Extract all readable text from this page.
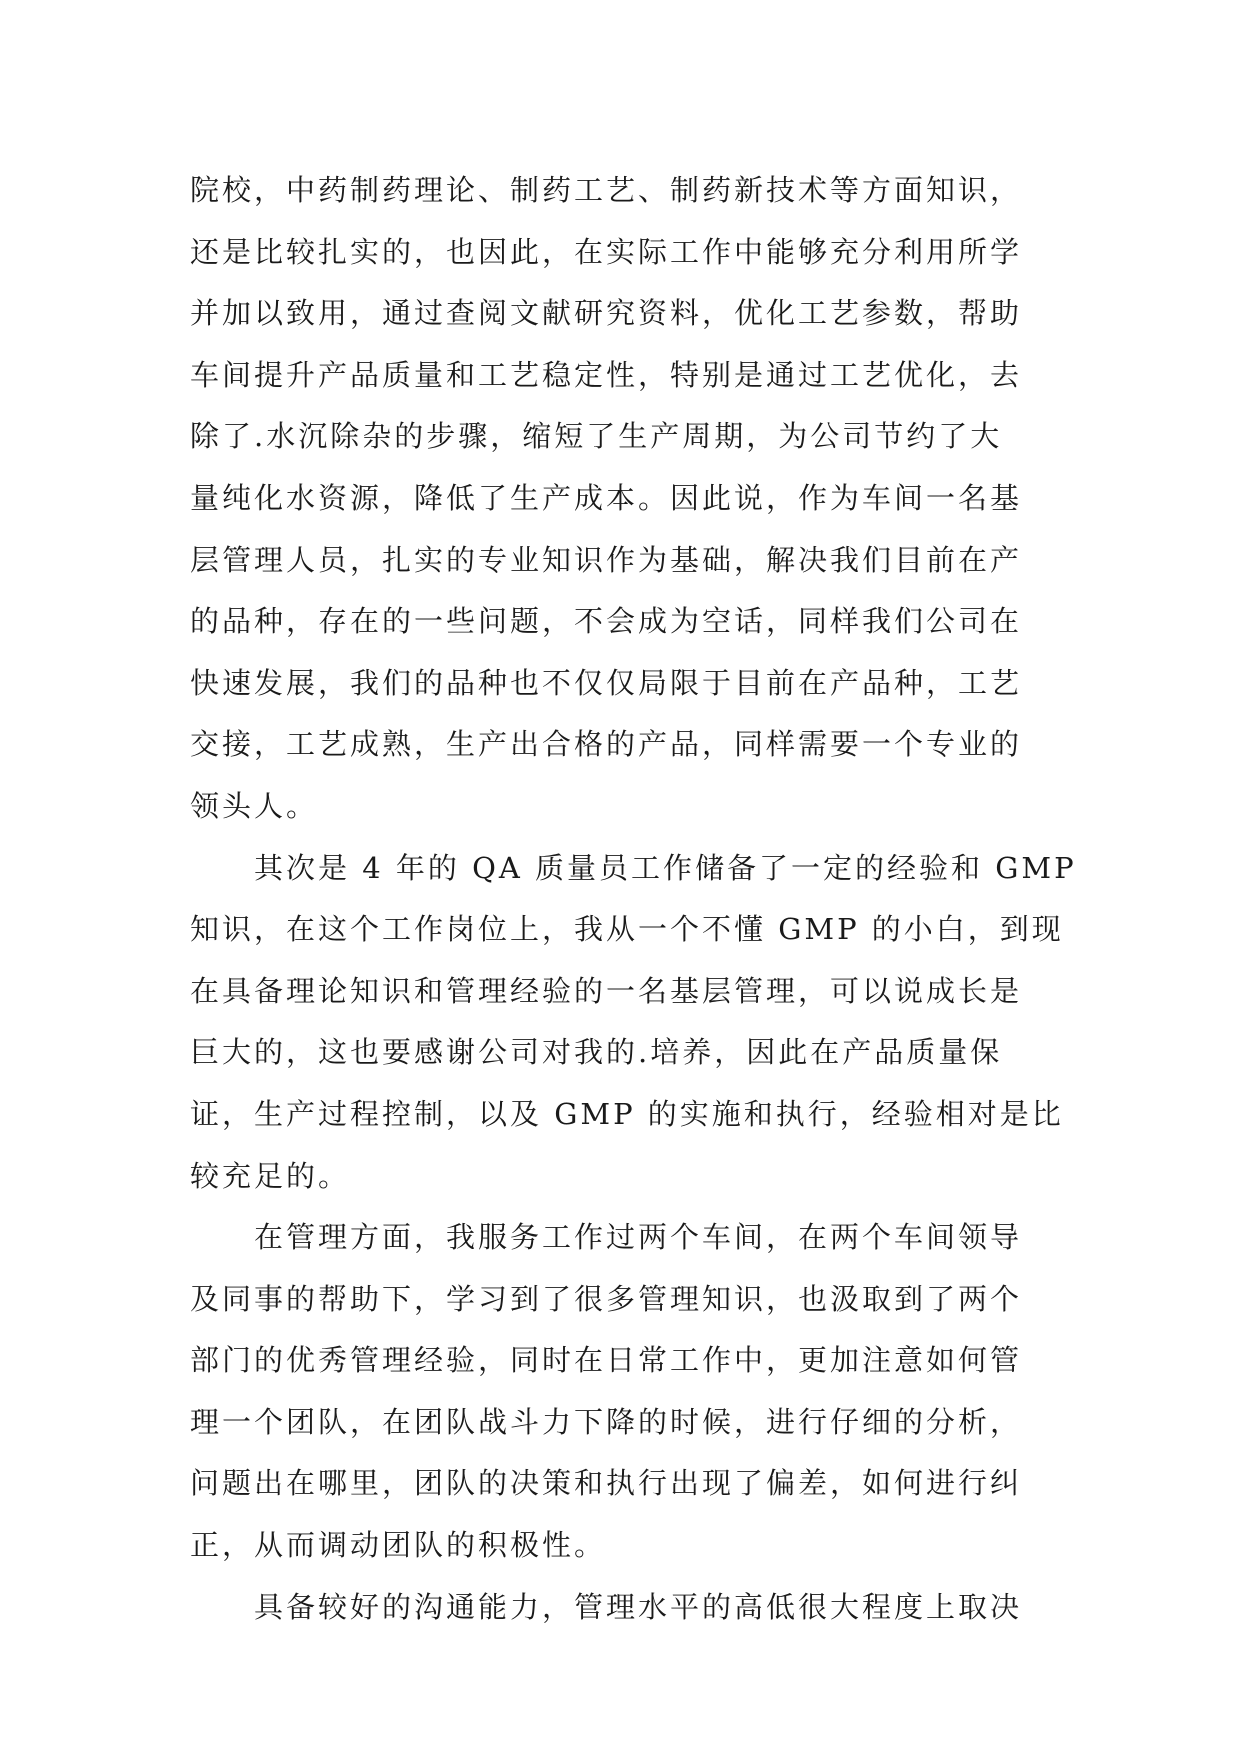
院校，中药制药理论、制药工艺、制药新技术等方面知识，
还是比较扎实的，也因此，在实际工作中能够充分利用所学
并加以致用，通过查阅文献研究资料，优化工艺参数，帮助
车间提升产品质量和工艺稳定性，特别是通过工艺优化，去
除了.水沉除杂的步骤，缩短了生产周期，为公司节约了大
量纯化水资源，降低了生产成本。因此说，作为车间一名基
层管理人员，扎实的专业知识作为基础，解决我们目前在产
的品种，存在的一些问题，不会成为空话，同样我们公司在
快速发展，我们的品种也不仅仅局限于目前在产品种，工艺
交接，工艺成熟，生产出合格的产品，同样需要一个专业的
领头人。
其次是 4 年的 QA 质量员工作储备了一定的经验和 GMP
知识，在这个工作岗位上，我从一个不懂 GMP 的小白，到现
在具备理论知识和管理经验的一名基层管理，可以说成长是
巨大的，这也要感谢公司对我的.培养，因此在产品质量保
证，生产过程控制，以及 GMP 的实施和执行，经验相对是比
较充足的。
在管理方面，我服务工作过两个车间，在两个车间领导
及同事的帮助下，学习到了很多管理知识，也汲取到了两个
部门的优秀管理经验，同时在日常工作中，更加注意如何管
理一个团队，在团队战斗力下降的时候，进行仔细的分析，
问题出在哪里，团队的决策和执行出现了偏差，如何进行纠
正，从而调动团队的积极性。
具备较好的沟通能力，管理水平的高低很大程度上取决
